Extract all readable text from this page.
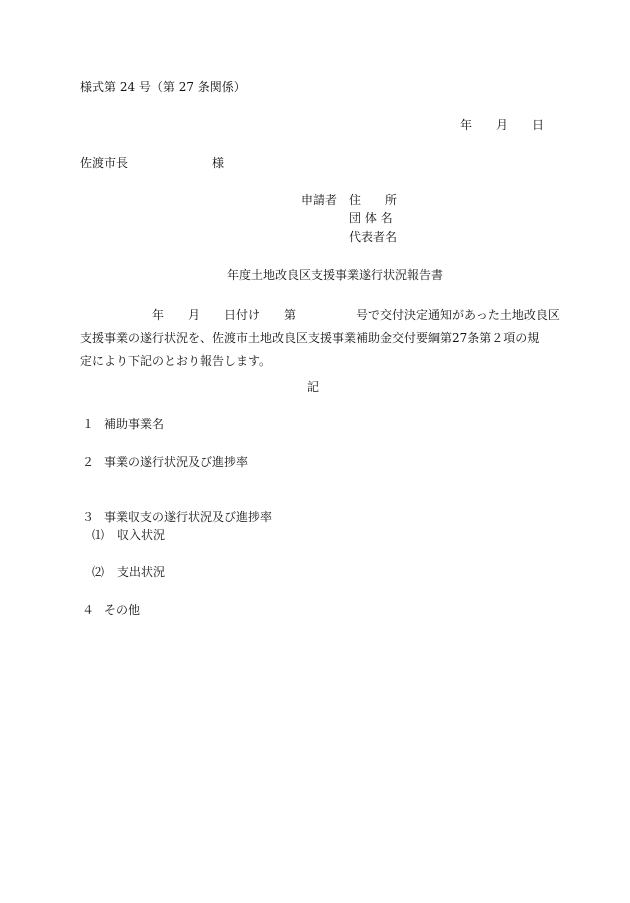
様式第 24 号（第 27 条関係）
年　　月　　日
佐渡市長　　　　　　　様
申請者 住　　所
団 体 名
代表者名
年度土地改良区支援事業遂行状況報告書
　　　　　　年　　月　　日付け　　第　　　　　号で交付決定通知があった土地改良区
支援事業の遂行状況を、佐渡市土地改良区支援事業補助金交付要綱第27条第２項の規
定により下記のとおり報告します。
記
１ 補助事業名
２ 事業の遂行状況及び進捗率
３ 事業収支の遂行状況及び進捗率
⑴ 収入状況
⑵ 支出状況
４ その他
